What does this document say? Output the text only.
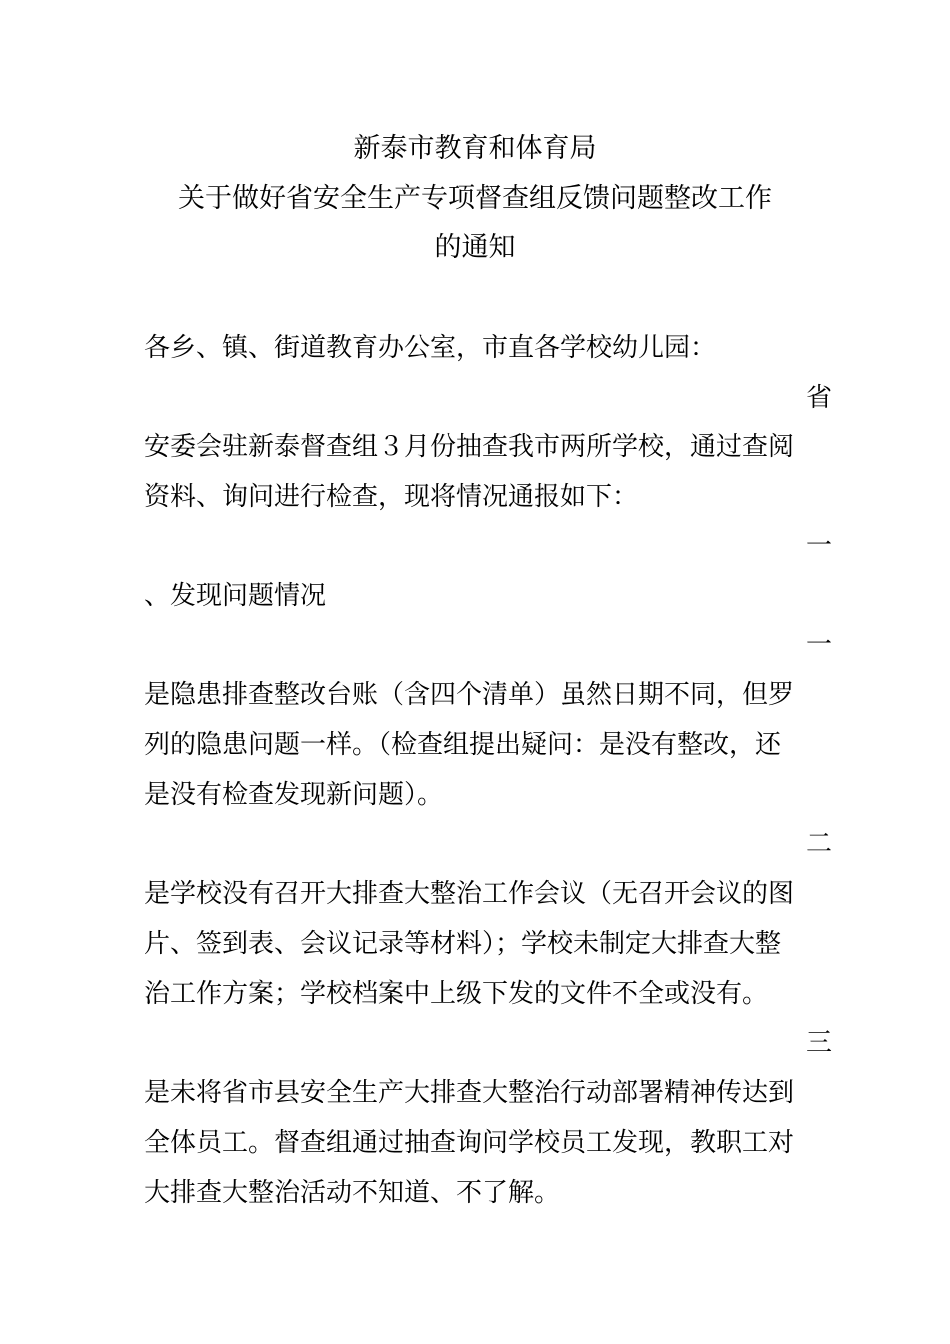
新泰市教育和体育局
关于做好省安全生产专项督查组反馈问题整改工作
的通知
各乡、镇、街道教育办公室，市直各学校幼儿园：
省
安委会驻新泰督查组３月份抽查我市两所学校，通过查阅
资料、询问进行检查，现将情况通报如下：
一
、发现问题情况
一
是隐患排查整改台账（含四个清单）虽然日期不同，但罗
列的隐患问题一样。（检查组提出疑问：是没有整改，还
是没有检查发现新问题）。
二
是学校没有召开大排查大整治工作会议（无召开会议的图
片、签到表、会议记录等材料）；学校未制定大排查大整
治工作方案；学校档案中上级下发的文件不全或没有。
三
是未将省市县安全生产大排查大整治行动部署精神传达到
全体员工。督查组通过抽查询问学校员工发现，教职工对
大排查大整治活动不知道、不了解。
